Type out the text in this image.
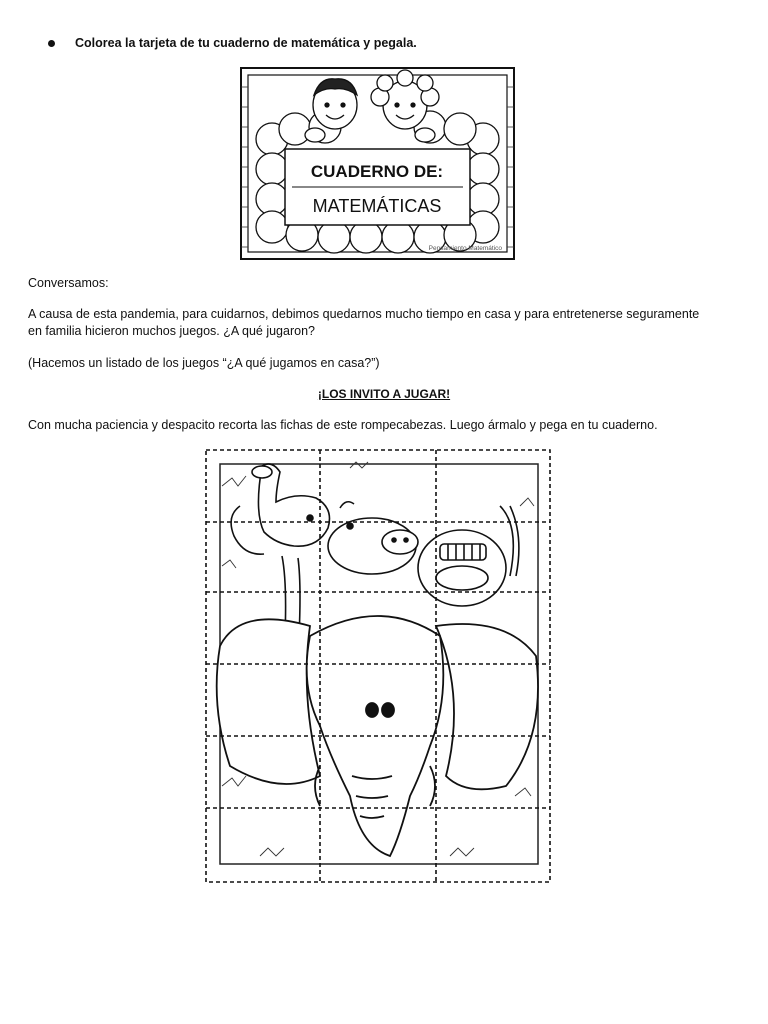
Colorea la tarjeta de tu cuaderno de matemática y pegala.
CUADERNO DE:
MATEMÁTICAS
Pensamiento Matemático
Conversamos:
A causa de esta pandemia, para cuidarnos, debimos quedarnos mucho tiempo en casa y para entretenerse seguramente
en familia hicieron muchos juegos. ¿A qué jugaron?
(Hacemos un listado de los juegos “¿A qué jugamos en casa?”)
¡LOS INVITO A JUGAR!
Con mucha paciencia y despacito recorta las fichas de este rompecabezas. Luego ármalo y pega en tu cuaderno.
